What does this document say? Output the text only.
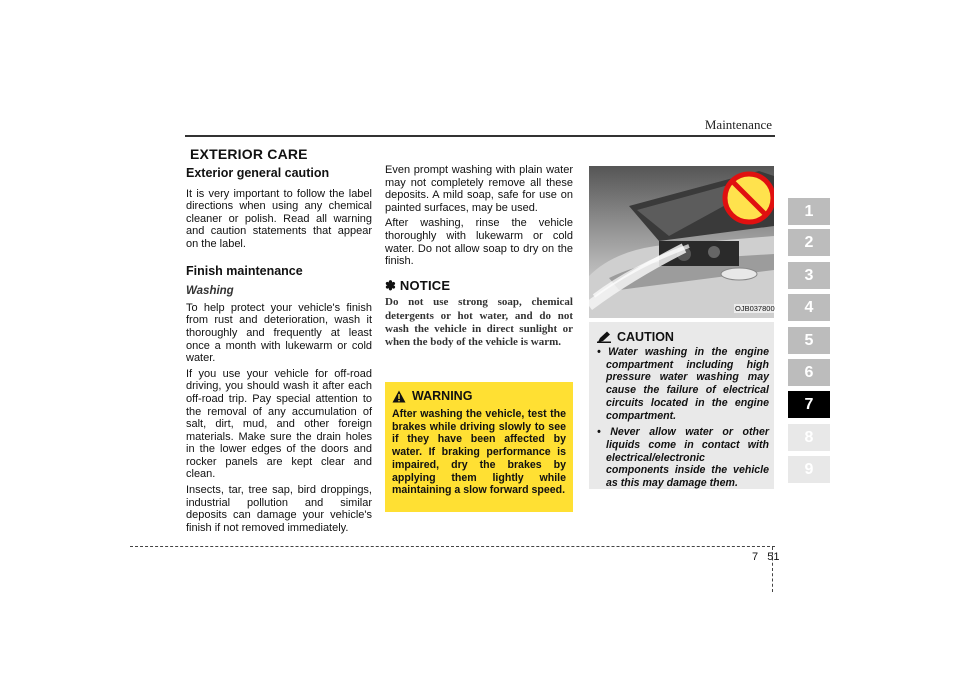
Maintenance
EXTERIOR CARE
Exterior general caution

It is very important to follow the label directions when using any chemical cleaner or polish. Read all warning and caution statements that appear on the label.

Finish maintenance
Washing

To help protect your vehicle's finish from rust and deterioration, wash it thoroughly and frequently at least once a month with lukewarm or cold water.

If you use your vehicle for off-road driving, you should wash it after each off-road trip. Pay special attention to the removal of any accumulation of salt, dirt, mud, and other foreign materials. Make sure the drain holes in the lower edges of the doors and rocker panels are kept clear and clean.

Insects, tar, tree sap, bird droppings, industrial pollution and similar deposits can damage your vehicle's finish if not removed immediately.

Even prompt washing with plain water may not completely remove all these deposits. A mild soap, safe for use on painted surfaces, may be used.

After washing, rinse the vehicle thoroughly with lukewarm or cold water. Do not allow soap to dry on the finish.

✽ NOTICE
Do not use strong soap, chemical detergents or hot water, and do not wash the vehicle in direct sunlight or when the body of the vehicle is warm.
WARNING
After washing the vehicle, test the brakes while driving slowly to see if they have been affected by water. If braking performance is impaired, dry the brakes by applying them lightly while maintaining a slow forward speed.
OJB037800
CAUTION
• Water washing in the engine compartment including high pressure water washing may cause the failure of electrical circuits located in the engine compartment.
• Never allow water or other liquids come in contact with electrical/electronic components inside the vehicle as this may damage them.
1
2
3
4
5
6
7
8
9
7 51
